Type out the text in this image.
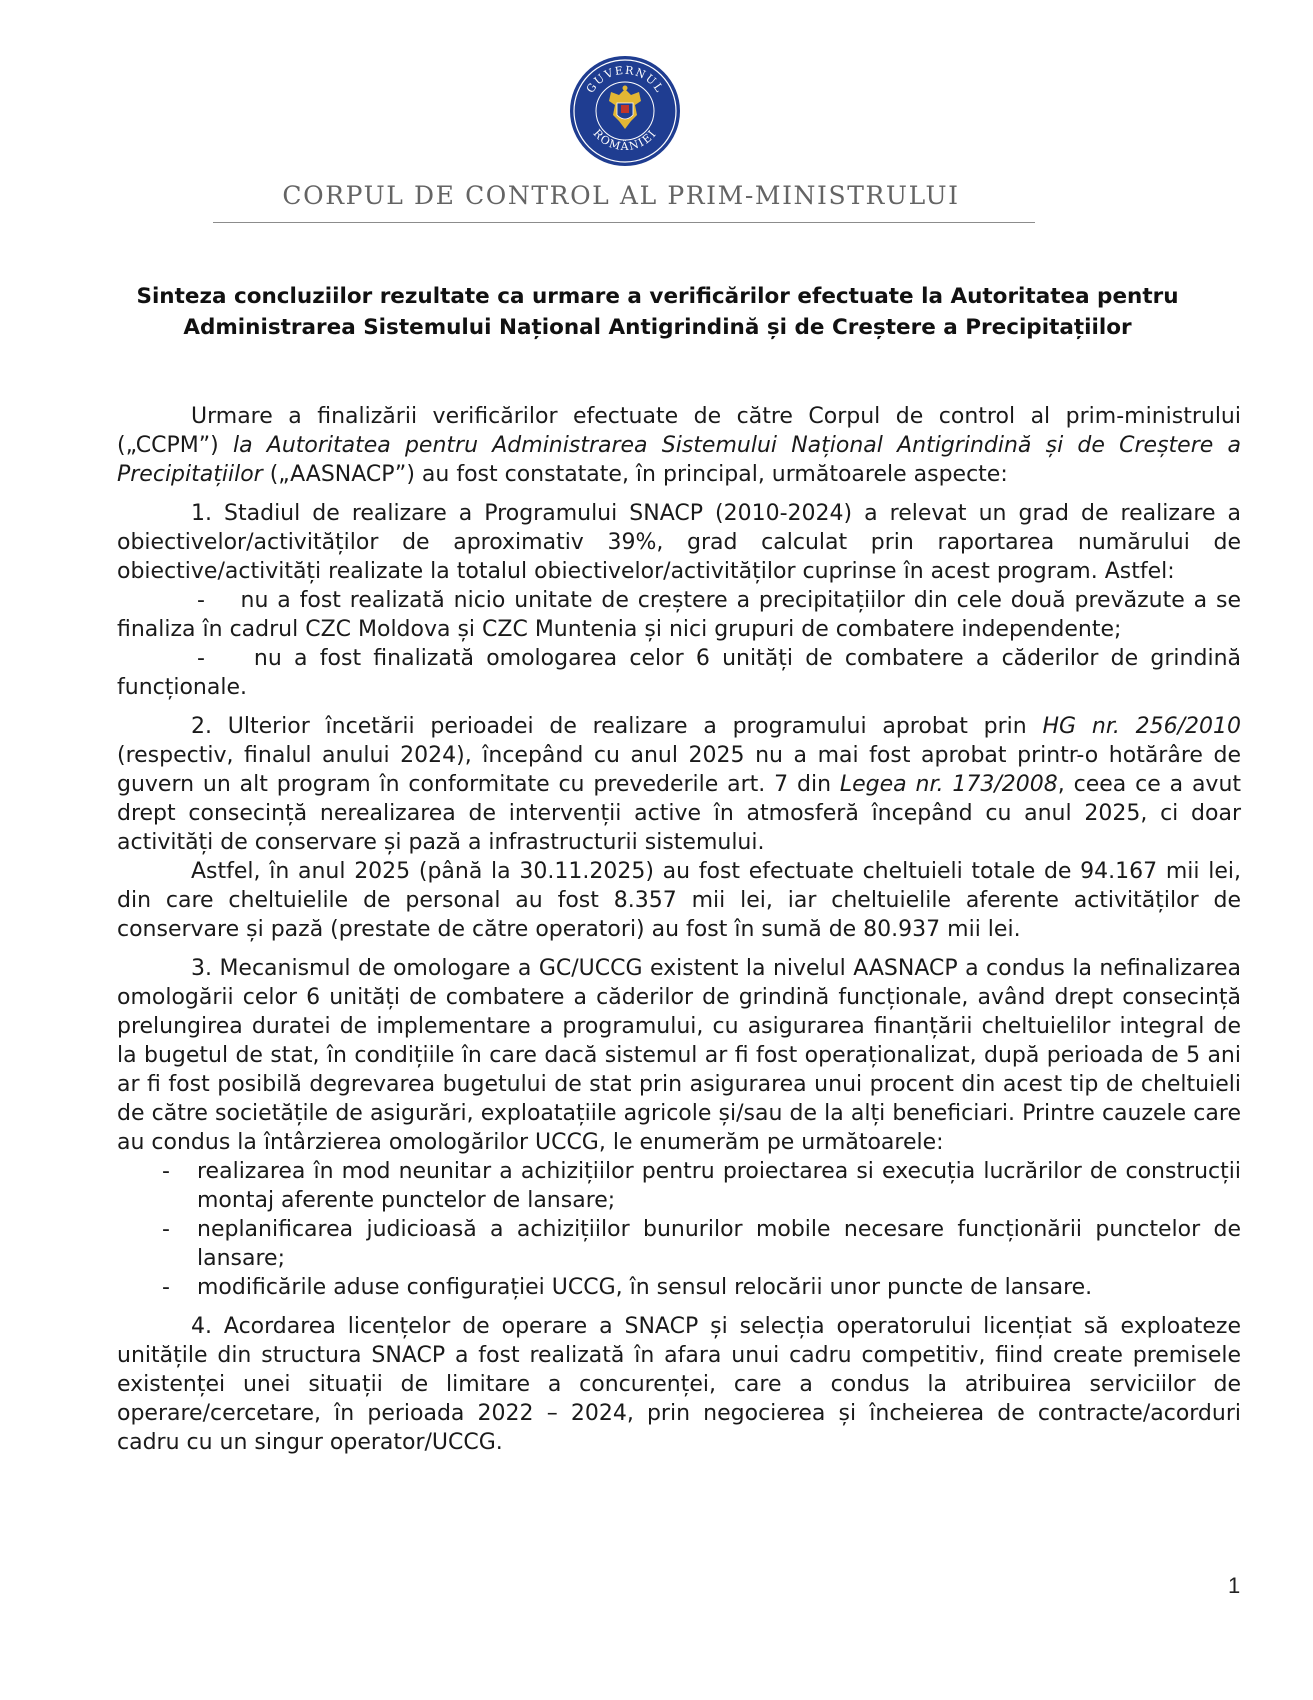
GUVERNUL
ROMÂNIEI
CORPUL DE CONTROL AL PRIM-MINISTRULUI
Sinteza concluziilor rezultate ca urmare a verificărilor efectuate la Autoritatea pentru
Administrarea Sistemului Național Antigrindină și de Creștere a Precipitațiilor

Urmare a finalizării verificărilor efectuate de către Corpul de control al prim-ministrului („CCPM”) la Autoritatea pentru Administrarea Sistemului Național Antigrindină și de Creștere a Precipitațiilor („AASNACP”) au fost constatate, în principal, următoarele aspecte:

1. Stadiul de realizare a Programului SNACP (2010-2024) a relevat un grad de realizare a obiectivelor/activităților de aproximativ 39%, grad calculat prin raportarea numărului de obiective/activități realizate la totalul obiectivelor/activităților cuprinse în acest program. Astfel:

- nu a fost realizată nicio unitate de creștere a precipitațiilor din cele două prevăzute a se finaliza în cadrul CZC Moldova și CZC Muntenia și nici grupuri de combatere independente;

- nu a fost finalizată omologarea celor 6 unități de combatere a căderilor de grindină funcționale.

2. Ulterior încetării perioadei de realizare a programului aprobat prin HG nr. 256/2010 (respectiv, finalul anului 2024), începând cu anul 2025 nu a mai fost aprobat printr-o hotărâre de guvern un alt program în conformitate cu prevederile art. 7 din Legea nr. 173/2008, ceea ce a avut drept consecință nerealizarea de intervenții active în atmosferă începând cu anul 2025, ci doar activități de conservare și pază a infrastructurii sistemului.

Astfel, în anul 2025 (până la 30.11.2025) au fost efectuate cheltuieli totale de 94.167 mii lei, din care cheltuielile de personal au fost 8.357 mii lei, iar cheltuielile aferente activităților de conservare și pază (prestate de către operatori) au fost în sumă de 80.937 mii lei.

3. Mecanismul de omologare a GC/UCCG existent la nivelul AASNACP a condus la nefinalizarea omologării celor 6 unități de combatere a căderilor de grindină funcționale, având drept consecință prelungirea duratei de implementare a programului, cu asigurarea finanțării cheltuielilor integral de la bugetul de stat, în condițiile în care dacă sistemul ar fi fost operaționalizat, după perioada de 5 ani ar fi fost posibilă degrevarea bugetului de stat prin asigurarea unui procent din acest tip de cheltuieli de către societățile de asigurări, exploatațiile agricole și/sau de la alți beneficiari. Printre cauzele care au condus la întârzierea omologărilor UCCG, le enumerăm pe următoarele:

-	realizarea în mod neunitar a achizițiilor pentru proiectarea si execuția lucrărilor de construcții montaj aferente punctelor de lansare;
-	neplanificarea judicioasă a achizițiilor bunurilor mobile necesare funcționării punctelor de lansare;
-	modificările aduse configurației UCCG, în sensul relocării unor puncte de lansare.

4. Acordarea licențelor de operare a SNACP și selecția operatorului licențiat să exploateze unitățile din structura SNACP a fost realizată în afara unui cadru competitiv, fiind create premisele existenței unei situații de limitare a concurenței, care a condus la atribuirea serviciilor de operare/cercetare, în perioada 2022 – 2024, prin negocierea și încheierea de contracte/acorduri cadru cu un singur operator/UCCG.

1
